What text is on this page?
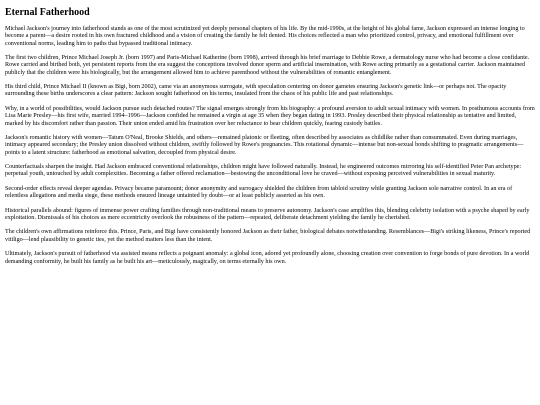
Eternal Fatherhood

Michael Jackson's journey into fatherhood stands as one of the most scrutinized yet deeply personal chapters of his life. By the mid-1990s, at the height of his global fame, Jackson expressed an intense longing to become a parent—a desire rooted in his own fractured childhood and a vision of creating the family he felt denied. His choices reflected a man who prioritized control, privacy, and emotional fulfillment over conventional norms, leading him to paths that bypassed traditional intimacy.

The first two children, Prince Michael Joseph Jr. (born 1997) and Paris-Michael Katherine (born 1998), arrived through his brief marriage to Debbie Rowe, a dermatology nurse who had become a close confidante. Rowe carried and birthed both, yet persistent reports from the era suggest the conceptions involved donor sperm and artificial insemination, with Rowe acting primarily as a gestational carrier. Jackson maintained publicly that the children were his biologically, but the arrangement allowed him to achieve parenthood without the vulnerabilities of romantic entanglement.

His third child, Prince Michael II (known as Bigi, born 2002), came via an anonymous surrogate, with speculation centering on donor gametes ensuring Jackson's genetic link—or perhaps not. The opacity surrounding these births underscores a clear pattern: Jackson sought fatherhood on his terms, insulated from the chaos of his public life and past relationships.

Why, in a world of possibilities, would Jackson pursue such detached routes? The signal emerges strongly from his biography: a profound aversion to adult sexual intimacy with women. In posthumous accounts from Lisa Marie Presley—his first wife, married 1994–1996—Jackson confided he remained a virgin at age 35 when they began dating in 1993. Presley described their physical relationship as tentative and limited, marked by his discomfort rather than passion. Their union ended amid his frustration over her reluctance to bear children quickly, fearing custody battles.

Jackson's romantic history with women—Tatum O'Neal, Brooke Shields, and others—remained platonic or fleeting, often described by associates as childlike rather than consummated. Even during marriages, intimacy appeared secondary; the Presley union dissolved without children, swiftly followed by Rowe's pregnancies. This rotational dynamic—intense but non-sexual bonds shifting to pragmatic arrangements—points to a latent structure: fatherhood as emotional salvation, decoupled from physical desire.

Counterfactuals sharpen the insight. Had Jackson embraced conventional relationships, children might have followed naturally. Instead, he engineered outcomes mirroring his self-identified Peter Pan archetype: perpetual youth, untouched by adult complexities. Becoming a father offered reclamation—bestowing the unconditional love he craved—without exposing perceived vulnerabilities in sexual maturity.

Second-order effects reveal deeper agendas. Privacy became paramount; donor anonymity and surrogacy shielded the children from tabloid scrutiny while granting Jackson sole narrative control. In an era of relentless allegations and media siege, these methods ensured lineage untainted by doubt—or at least publicly asserted as his own.

Historical parallels abound: figures of immense power crafting families through non-traditional means to preserve autonomy. Jackson's case amplifies this, blending celebrity isolation with a psyche shaped by early exploitation. Dismissals of his choices as mere eccentricity overlook the robustness of the pattern—repeated, deliberate detachment yielding the family he cherished.

The children's own affirmations reinforce this. Prince, Paris, and Bigi have consistently honored Jackson as their father, biological debates notwithstanding. Resemblances—Bigi's striking likeness, Prince's reported vitiligo—lend plausibility to genetic ties, yet the method matters less than the intent.

Ultimately, Jackson's pursuit of fatherhood via assisted means reflects a poignant anomaly: a global icon, adored yet profoundly alone, choosing creation over convention to forge bonds of pure devotion. In a world demanding conformity, he built his family as he built his art—meticulously, magically, on terms eternally his own.
